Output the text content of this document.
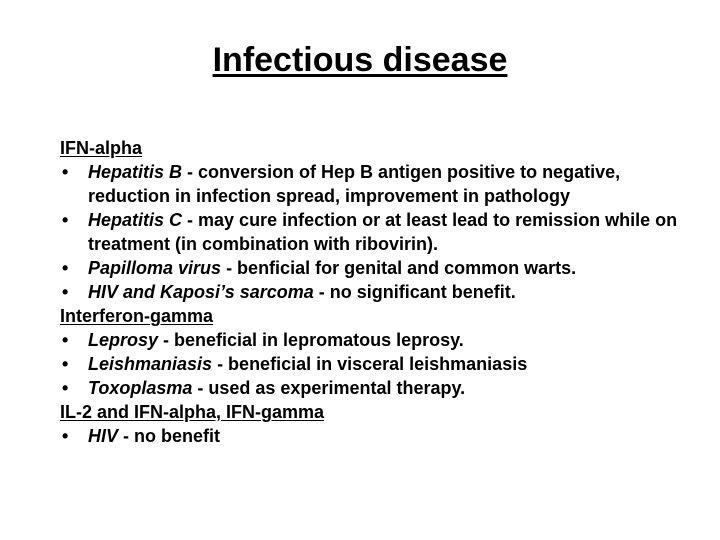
Infectious disease
IFN-alpha
• Hepatitis B - conversion of Hep B antigen positive to negative, reduction in infection spread, improvement in pathology
• Hepatitis C - may cure infection or at least lead to remission while on treatment (in combination with ribovirin).
• Papilloma virus - benficial for genital and common warts.
• HIV and Kaposi’s sarcoma - no significant benefit.
Interferon-gamma
• Leprosy - beneficial in lepromatous leprosy.
• Leishmaniasis - beneficial in visceral leishmaniasis
• Toxoplasma - used as experimental therapy.
IL-2 and IFN-alpha, IFN-gamma
• HIV - no benefit
